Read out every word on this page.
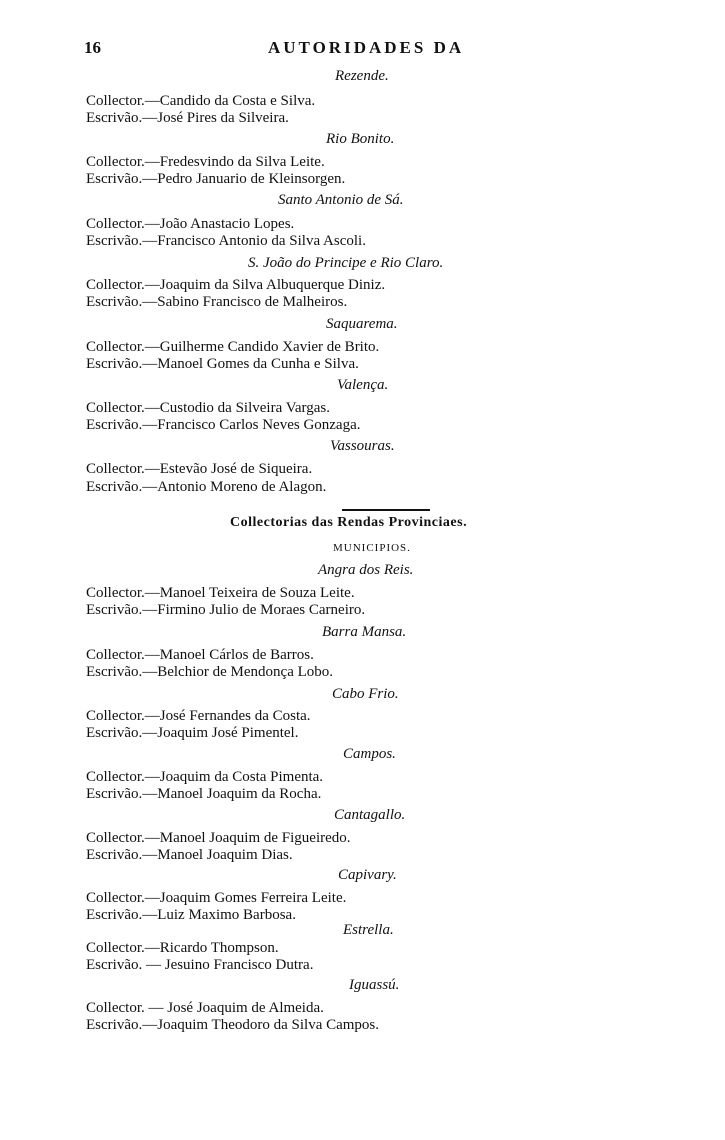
16	AUTORIDADES DA
Rezende.
Collector.—Candido da Costa e Silva.
Escrivão.—José Pires da Silveira.
Rio Bonito.
Collector.—Fredesvindo da Silva Leite.
Escrivão.—Pedro Januario de Kleinsorgen.
Santo Antonio de Sá.
Collector.—João Anastacio Lopes.
Escrivão.—Francisco Antonio da Silva Ascoli.
S. João do Principe e Rio Claro.
Collector.—Joaquim da Silva Albuquerque Diniz.
Escrivão.—Sabino Francisco de Malheiros.
Saquarema.
Collector.—Guilherme Candido Xavier de Brito.
Escrivão.—Manoel Gomes da Cunha e Silva.
Valença.
Collector.—Custodio da Silveira Vargas.
Escrivão.—Francisco Carlos Neves Gonzaga.
Vassouras.
Collector.—Estevão José de Siqueira.
Escrivão.—Antonio Moreno de Alagon.
Collectorias das Rendas Provinciaes.
MUNICIPIOS.
Angra dos Reis.
Collector.—Manoel Teixeira de Souza Leite.
Escrivão.—Firmino Julio de Moraes Carneiro.
Barra Mansa.
Collector.—Manoel Cárlos de Barros.
Escrivão.—Belchior de Mendonça Lobo.
Cabo Frio.
Collector.—José Fernandes da Costa.
Escrivão.—Joaquim José Pimentel.
Campos.
Collector.—Joaquim da Costa Pimenta.
Escrivão.—Manoel Joaquim da Rocha.
Cantagallo.
Collector.—Manoel Joaquim de Figueiredo.
Escrivão.—Manoel Joaquim Dias.
Capivary.
Collector.—Joaquim Gomes Ferreira Leite.
Escrivão.—Luiz Maximo Barbosa.
Estrella.
Collector.—Ricardo Thompson.
Escrivão. — Jesuino Francisco Dutra.
Iguassú.
Collector. — José Joaquim de Almeida.
Escrivão.—Joaquim Theodoro da Silva Campos.
